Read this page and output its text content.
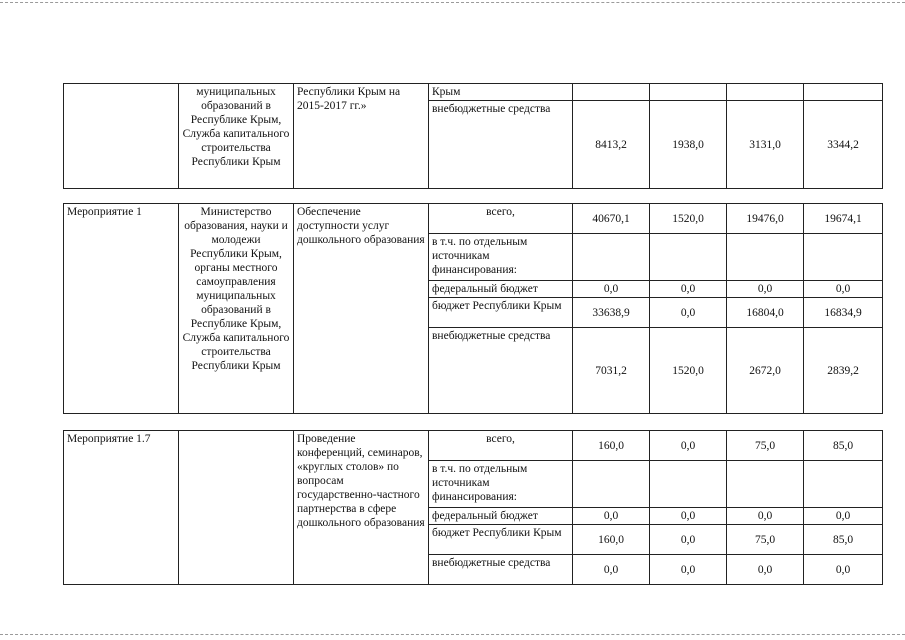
	муниципальных образований в Республике Крым, Служба капитального строительства Республики Крым	Республики Крым на 2015-2017 гг.»	Крым				
			внебюджетные средства	8413,2	1938,0	3131,0	3344,2
Мероприятие 1	Министерство образования, науки и молодежи Республики Крым, органы местного самоуправления муниципальных образований в Республике Крым, Служба капитального строительства Республики Крым	Обеспечение доступности услуг дошкольного образования	всего,	40670,1	1520,0	19476,0	19674,1
			в т.ч. по отдельным источникам финансирования:				
			федеральный бюджет	0,0	0,0	0,0	0,0
			бюджет Республики Крым	33638,9	0,0	16804,0	16834,9
			внебюджетные средства	7031,2	1520,0	2672,0	2839,2
Мероприятие 1.7		Проведение конференций, семинаров, «круглых столов» по вопросам государственно-частного партнерства в сфере дошкольного образования	всего,	160,0	0,0	75,0	85,0
			в т.ч. по отдельным источникам финансирования:				
			федеральный бюджет	0,0	0,0	0,0	0,0
			бюджет Республики Крым	160,0	0,0	75,0	85,0
			внебюджетные средства	0,0	0,0	0,0	0,0
